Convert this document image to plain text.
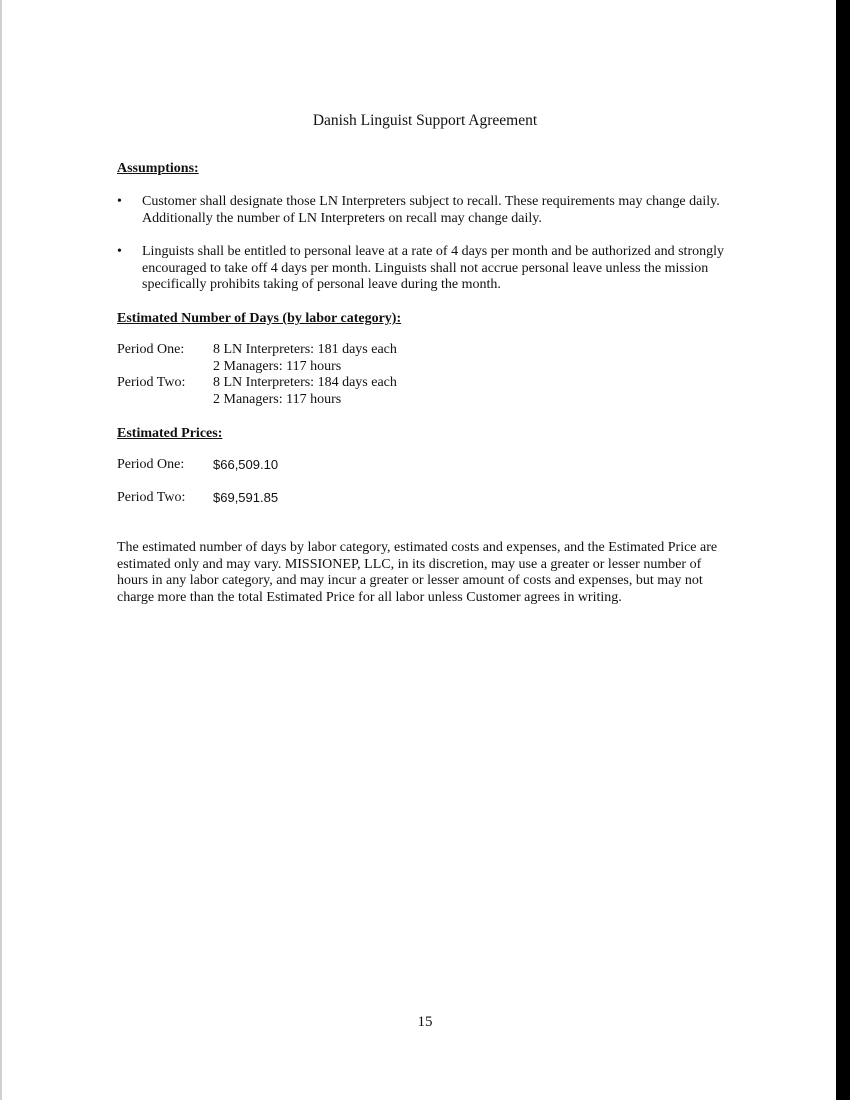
Danish Linguist Support Agreement
Assumptions:
•	Customer shall designate those LN Interpreters subject to recall. These requirements may change daily. Additionally the number of LN Interpreters on recall may change daily.
•	Linguists shall be entitled to personal leave at a rate of 4 days per month and be authorized and strongly encouraged to take off 4 days per month. Linguists shall not accrue personal leave unless the mission specifically prohibits taking of personal leave during the month.
Estimated Number of Days (by labor category):
Period One: 8 LN Interpreters: 181 days each
2 Managers: 117 hours
Period Two: 8 LN Interpreters: 184 days each
2 Managers: 117 hours
Estimated Prices:
Period One: $66,509.10
Period Two: $69,591.85
The estimated number of days by labor category, estimated costs and expenses, and the Estimated Price are estimated only and may vary. MISSIONEP, LLC, in its discretion, may use a greater or lesser number of hours in any labor category, and may incur a greater or lesser amount of costs and expenses, but may not charge more than the total Estimated Price for all labor unless Customer agrees in writing.
15
